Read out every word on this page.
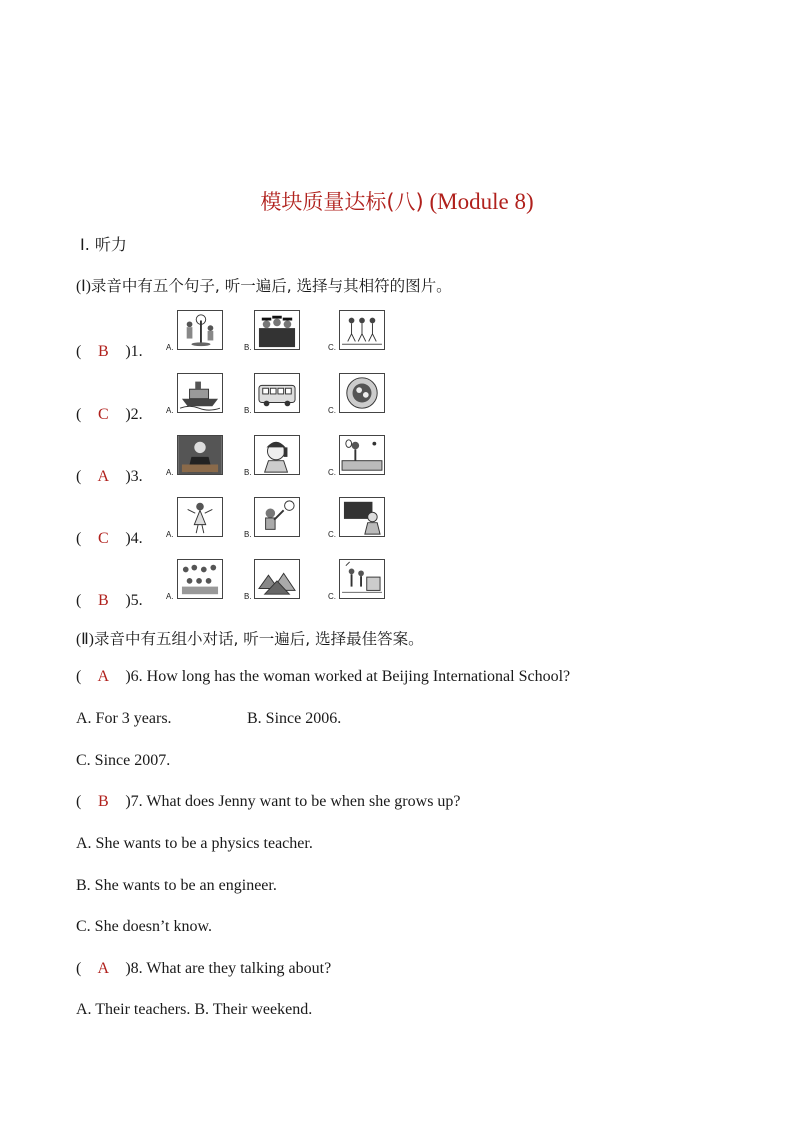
模块质量达标(八) (Module 8)
Ⅰ. 听力
(Ⅰ)录音中有五个句子, 听一遍后, 选择与其相符的图片。
( B )1.	A.	B.	C.
( C )2.	A.	B.	C.
( A )3.	A.	B.	C.
( C )4.	A.	B.	C.
( B )5.	A.	B.	C.
(Ⅱ)录音中有五组小对话, 听一遍后, 选择最佳答案。
( A )6. How long has the woman worked at Beijing International School?
A. For 3 years.	B. Since 2006.
C. Since 2007.
( B )7. What does Jenny want to be when she grows up?
A. She wants to be a physics teacher.
B. She wants to be an engineer.
C. She doesn’t know.
( A )8. What are they talking about?
A. Their teachers. B. Their weekend.
